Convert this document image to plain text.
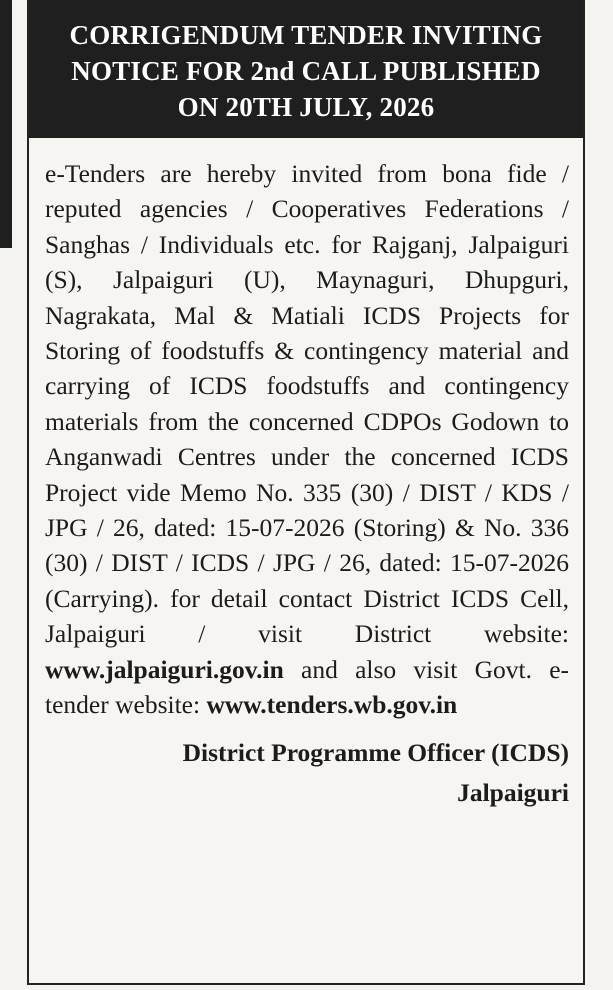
CORRIGENDUM TENDER INVITING
NOTICE FOR 2nd CALL PUBLISHED
ON 20TH JULY, 2026

e-Tenders are hereby invited from bona fide / reputed agencies / Cooperatives Federations / Sanghas / Individuals etc. for Rajganj, Jalpaiguri (S), Jalpaiguri (U), Maynaguri, Dhupguri, Nagrakata, Mal & Matiali ICDS Projects for Storing of foodstuffs & contingency material and carrying of ICDS foodstuffs and contingency materials from the concerned CDPOs Godown to Anganwadi Centres under the concerned ICDS Project vide Memo No. 335 (30) / DIST / KDS / JPG / 26, dated: 15-07-2026 (Storing) & No. 336 (30) / DIST / ICDS / JPG / 26, dated: 15-07-2026 (Carrying). for detail contact District ICDS Cell, Jalpaiguri / visit District website: www.jalpaiguri.gov.in and also visit Govt. e-tender website: www.tenders.wb.gov.in

District Programme Officer (ICDS)
Jalpaiguri
